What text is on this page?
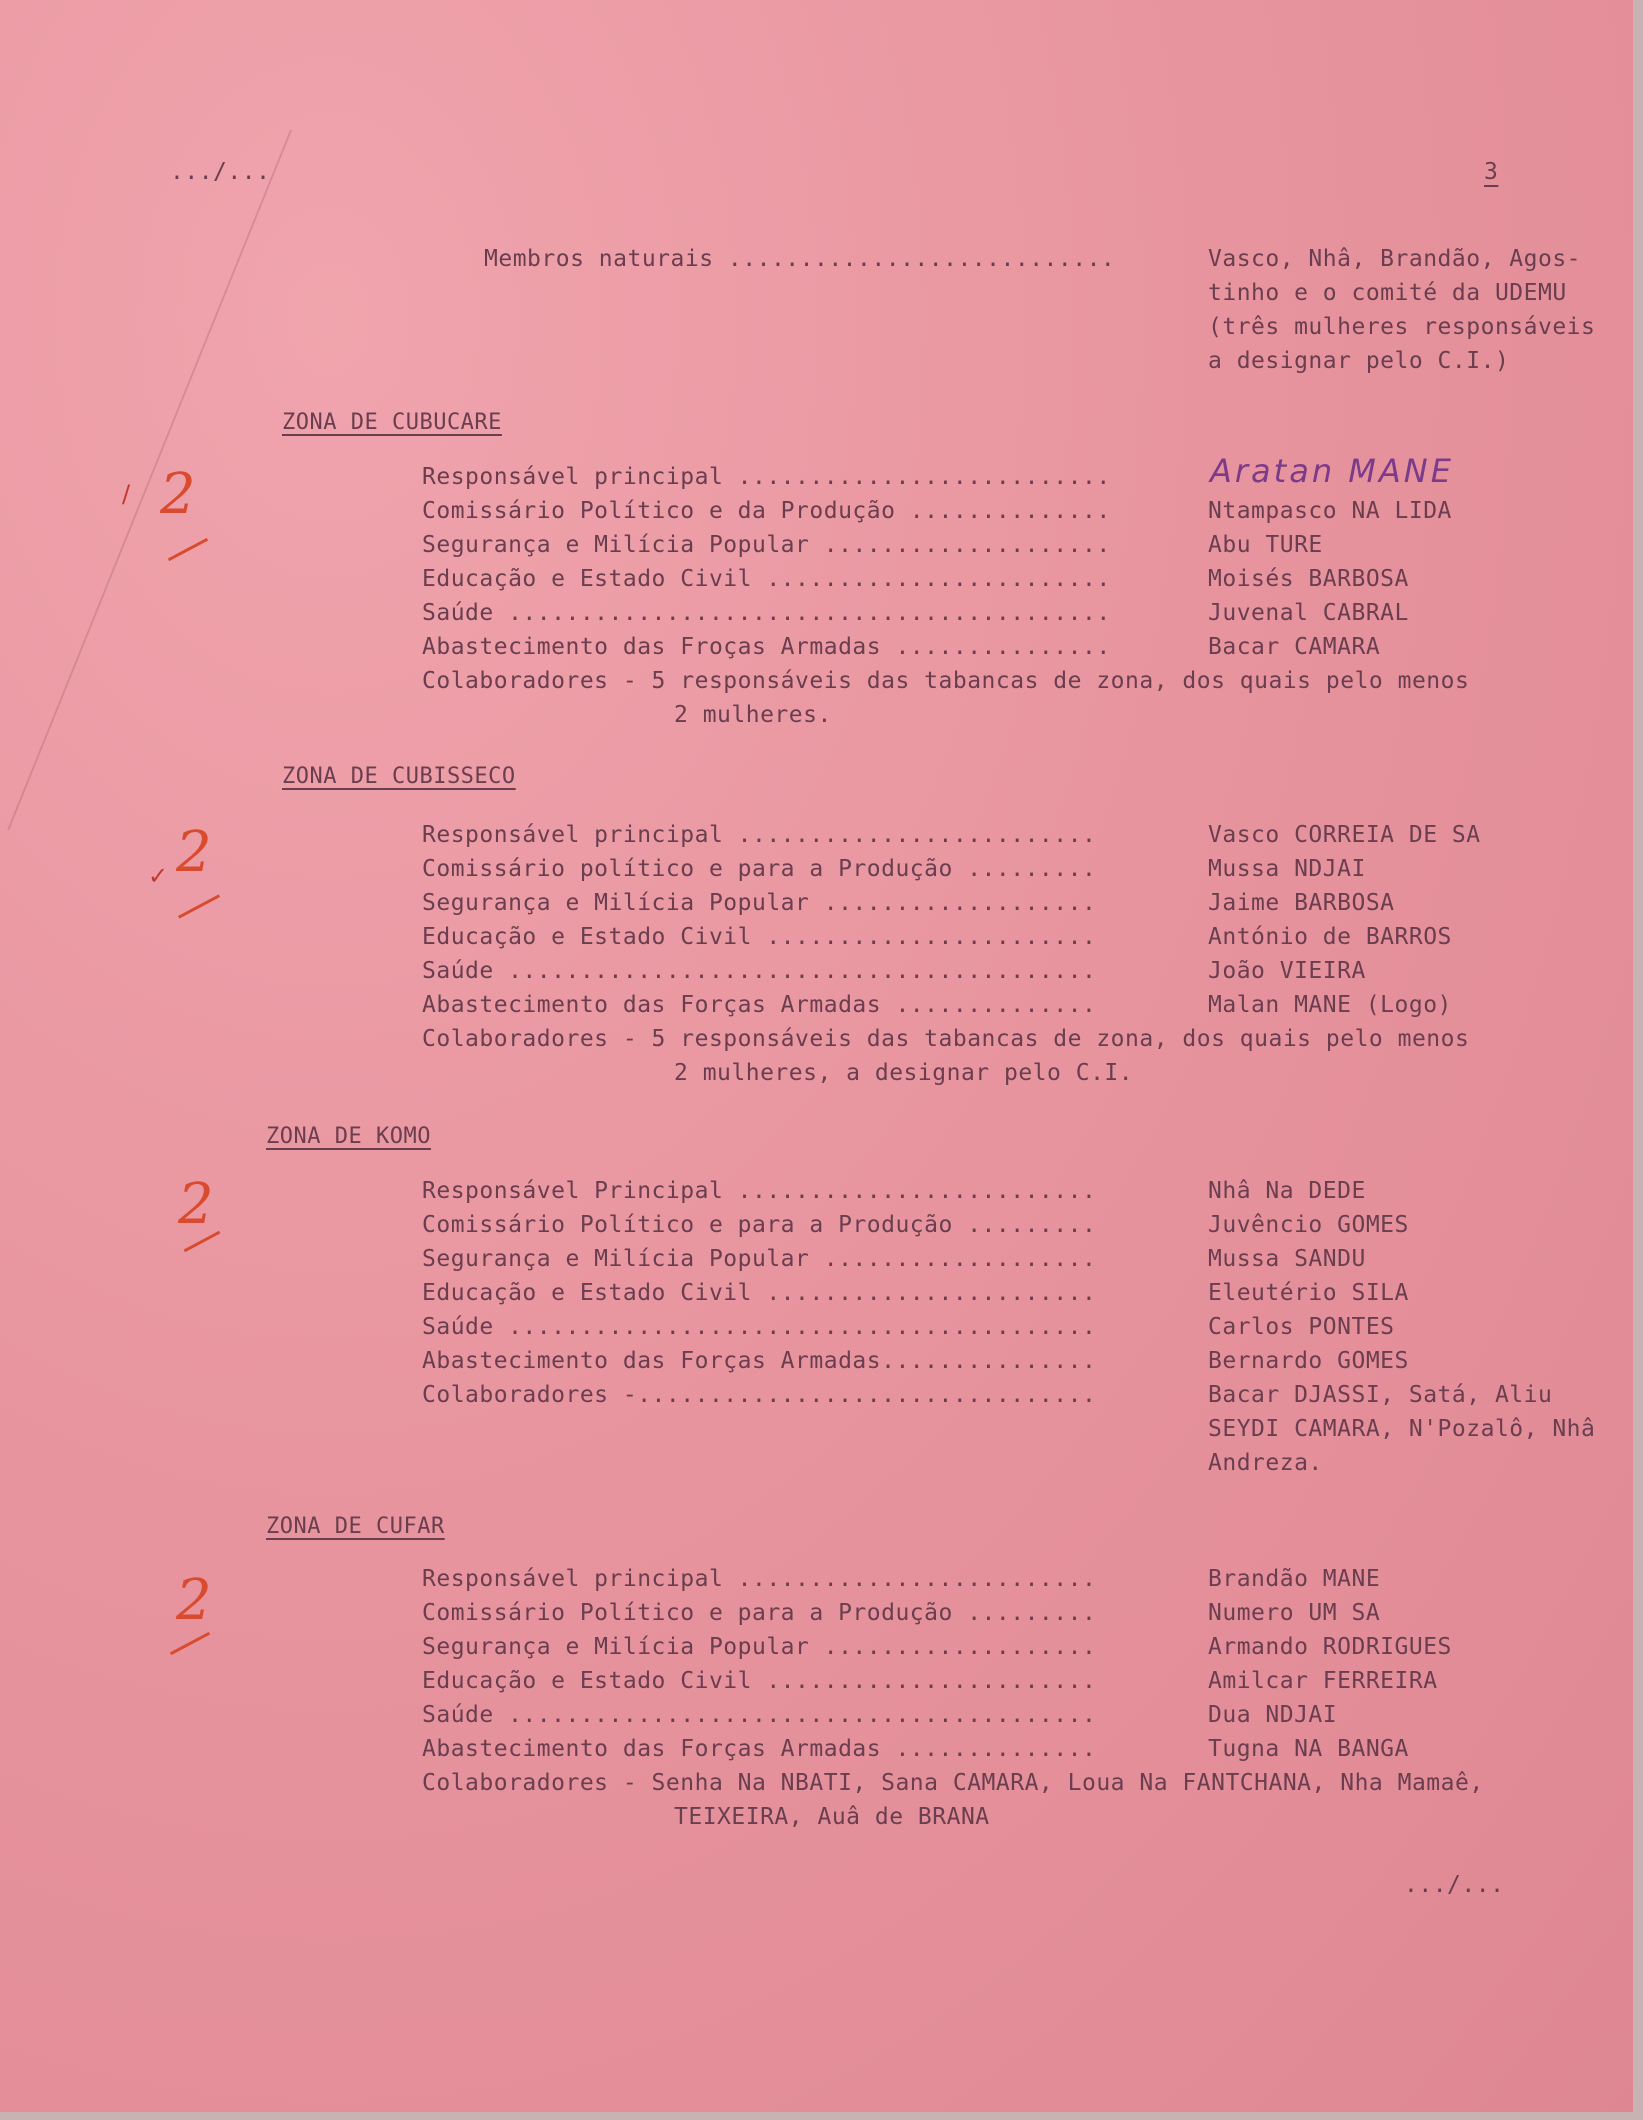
.../...	3
Membros naturais ...........................	Vasco, Nhâ, Brandão, Agos-
tinho e o comité da UDEMU
(três mulheres responsáveis
a designar pelo C.I.)
ZONA DE CUBUCARE
2
/
Responsável principal ..........................	Aratan MANE
Comissário Político e da Produção ..............	Ntampasco NA LIDA
Segurança e Milícia Popular ....................	Abu TURE
Educação e Estado Civil ........................	Moisés BARBOSA
Saúde ..........................................	Juvenal CABRAL
Abastecimento das Froças Armadas ...............	Bacar CAMARA
Colaboradores - 5 responsáveis das tabancas de zona, dos quais pelo menos
2 mulheres.
ZONA DE CUBISSECO
2
✓
Responsável principal .........................	Vasco CORREIA DE SA
Comissário político e para a Produção .........	Mussa NDJAI
Segurança e Milícia Popular ...................	Jaime BARBOSA
Educação e Estado Civil .......................	António de BARROS
Saúde .........................................	João VIEIRA
Abastecimento das Forças Armadas ..............	Malan MANE (Logo)
Colaboradores - 5 responsáveis das tabancas de zona, dos quais pelo menos
2 mulheres, a designar pelo C.I.
ZONA DE KOMO
2	Responsável Principal .........................	Nhâ Na DEDE
Comissário Político e para a Produção .........	Juvêncio GOMES
Segurança e Milícia Popular ...................	Mussa SANDU
Educação e Estado Civil .......................	Eleutério SILA
Saúde .........................................	Carlos PONTES
Abastecimento das Forças Armadas...............	Bernardo GOMES
Colaboradores -................................	Bacar DJASSI, Satá, Aliu
SEYDI CAMARA, N'Pozalô, Nhâ
Andreza.
ZONA DE CUFAR
2	Responsável principal .........................	Brandão MANE
Comissário Político e para a Produção .........	Numero UM SA
Segurança e Milícia Popular ...................	Armando RODRIGUES
Educação e Estado Civil .......................	Amilcar FERREIRA
Saúde .........................................	Dua NDJAI
Abastecimento das Forças Armadas ..............	Tugna NA BANGA
Colaboradores - Senha Na NBATI, Sana CAMARA, Loua Na FANTCHANA, Nha Mamaê,
TEIXEIRA, Auâ de BRANA
.../...
